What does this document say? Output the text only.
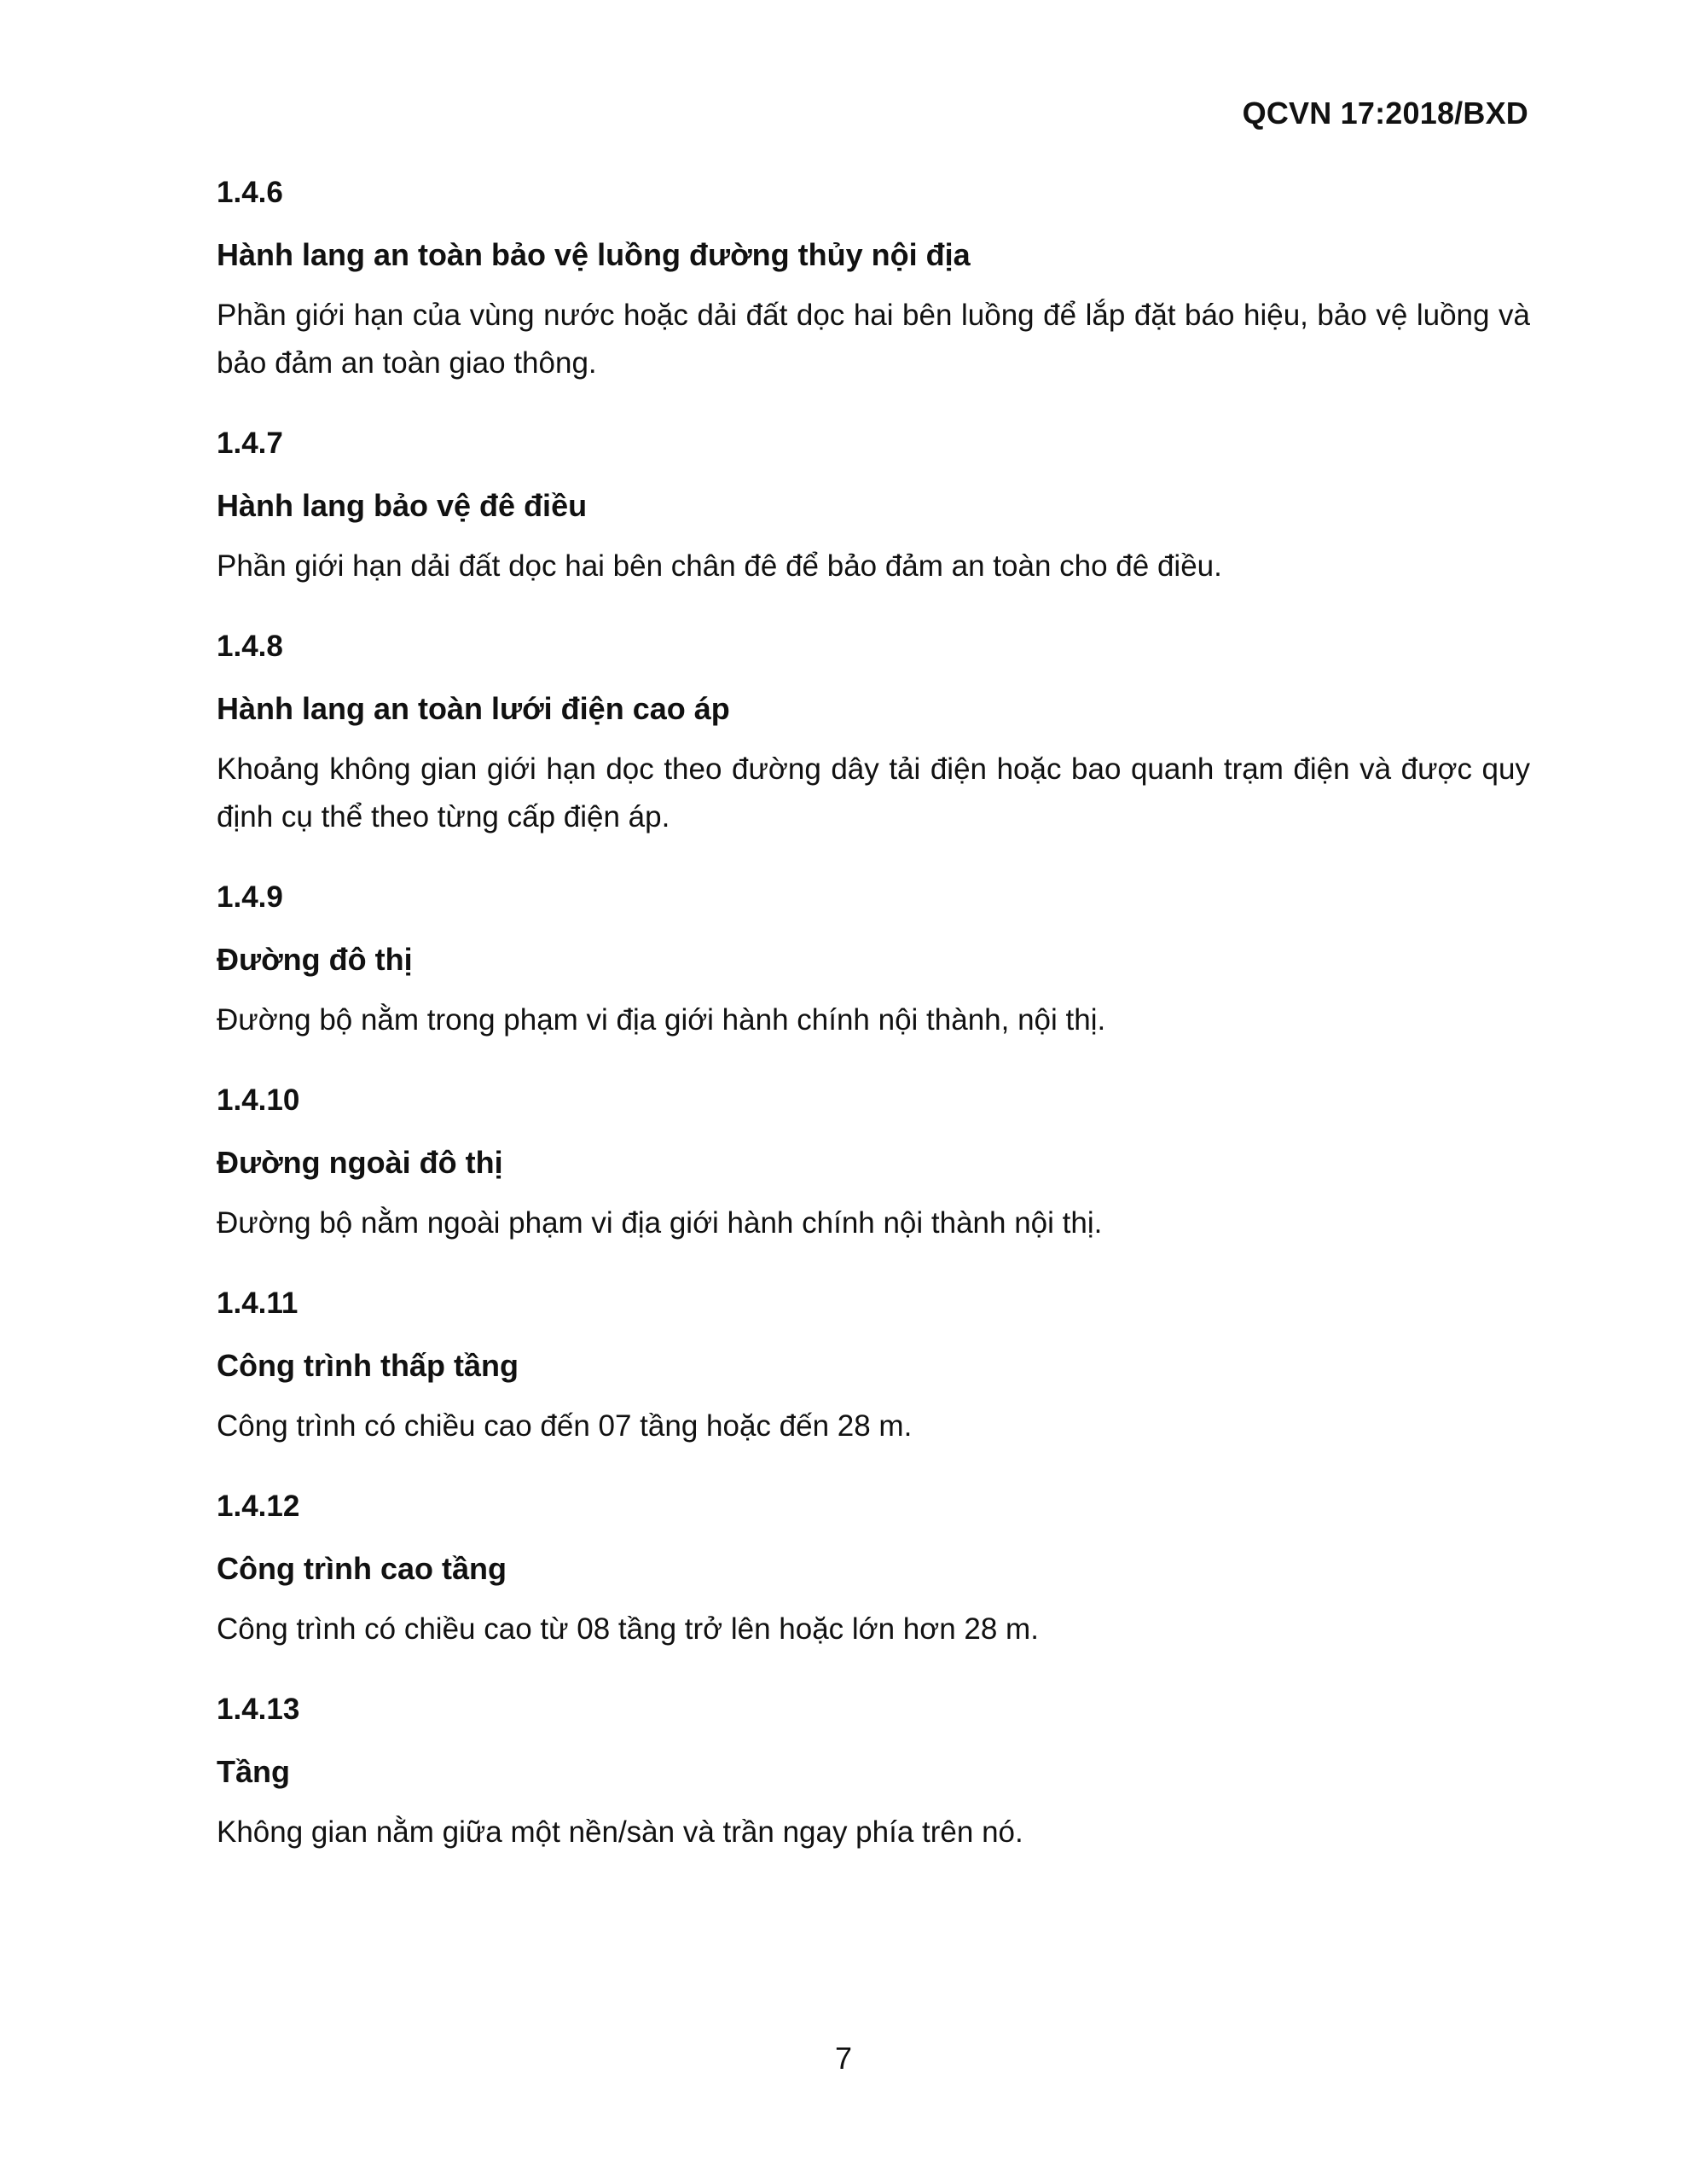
QCVN 17:2018/BXD

1.4.6

Hành lang an toàn bảo vệ luồng đường thủy nội địa

Phần giới hạn của vùng nước hoặc dải đất dọc hai bên luồng để lắp đặt báo hiệu, bảo vệ luồng và bảo đảm an toàn giao thông.

1.4.7

Hành lang bảo vệ đê điều

Phần giới hạn dải đất dọc hai bên chân đê để bảo đảm an toàn cho đê điều.

1.4.8

Hành lang an toàn lưới điện cao áp

Khoảng không gian giới hạn dọc theo đường dây tải điện hoặc bao quanh trạm điện và được quy định cụ thể theo từng cấp điện áp.

1.4.9

Đường đô thị

Đường bộ nằm trong phạm vi địa giới hành chính nội thành, nội thị.

1.4.10

Đường ngoài đô thị

Đường bộ nằm ngoài phạm vi địa giới hành chính nội thành nội thị.

1.4.11

Công trình thấp tầng

Công trình có chiều cao đến 07 tầng hoặc đến 28 m.

1.4.12

Công trình cao tầng

Công trình có chiều cao từ 08 tầng trở lên hoặc lớn hơn 28 m.

1.4.13

Tầng

Không gian nằm giữa một nền/sàn và trần ngay phía trên nó.

7
